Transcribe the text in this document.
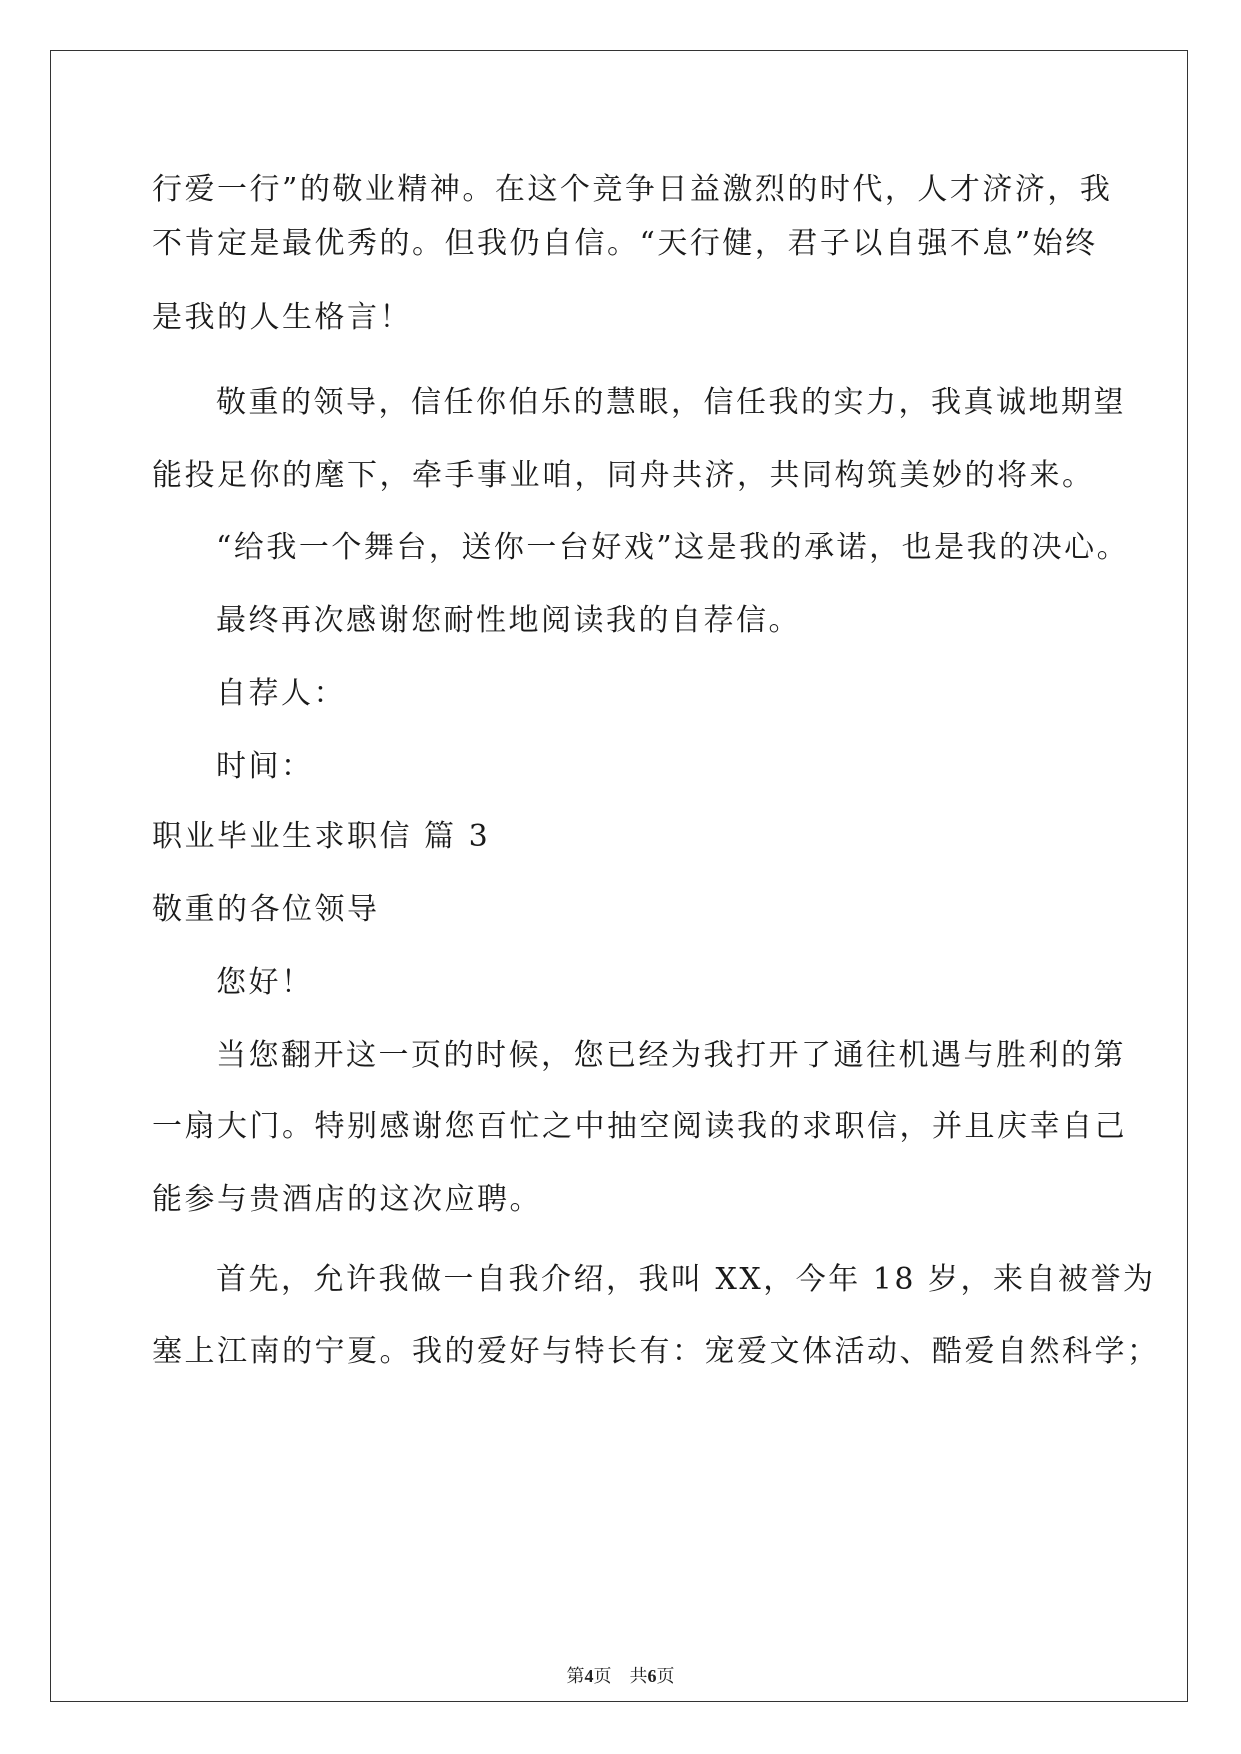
行爱一行”的敬业精神。在这个竞争日益激烈的时代，人才济济，我
不肯定是最优秀的。但我仍自信。“天行健，君子以自强不息”始终
是我的人生格言！
敬重的领导，信任你伯乐的慧眼，信任我的实力，我真诚地期望
能投足你的麾下，牵手事业咱，同舟共济，共同构筑美妙的将来。
“给我一个舞台，送你一台好戏”这是我的承诺，也是我的决心。
最终再次感谢您耐性地阅读我的自荐信。
自荐人：
时间：
职业毕业生求职信 篇 3
敬重的各位领导
您好！
当您翻开这一页的时候，您已经为我打开了通往机遇与胜利的第
一扇大门。特别感谢您百忙之中抽空阅读我的求职信，并且庆幸自己
能参与贵酒店的这次应聘。
首先，允许我做一自我介绍，我叫 XX，今年 18 岁，来自被誉为
塞上江南的宁夏。我的爱好与特长有：宠爱文体活动、酷爱自然科学；
第4页 共6页
